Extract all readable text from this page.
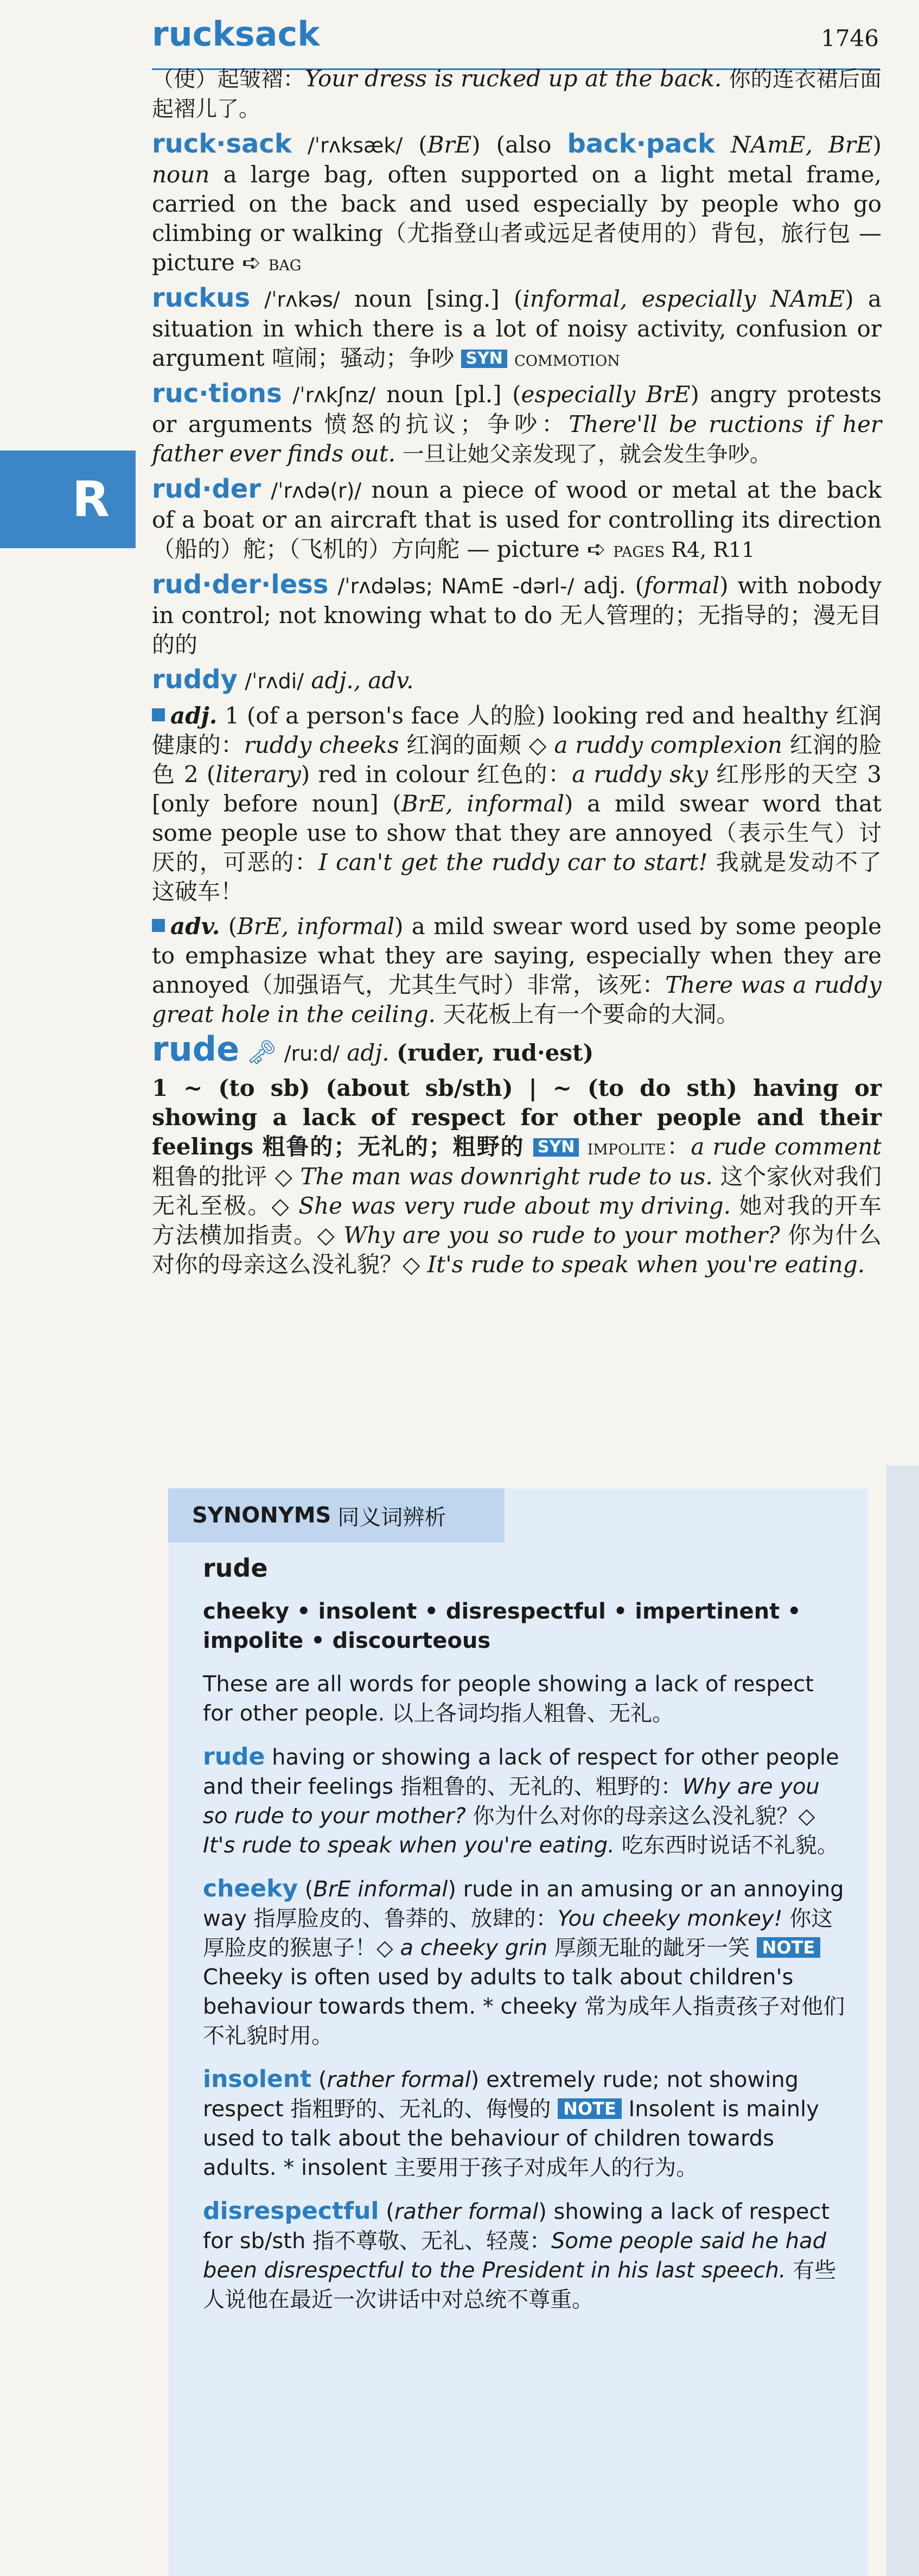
rucksack	1746
R
（使）起皱褶：Your dress is rucked up at the back. 你的连衣裙后面起褶儿了。
ruck·sack /ˈrʌksæk/ (BrE) (also back·pack NAmE, BrE) noun a large bag, often supported on a light metal frame, carried on the back and used especially by people who go climbing or walking（尤指登山者或远足者使用的）背包，旅行包 — picture ➪ bag
ruckus /ˈrʌkəs/ noun [sing.] (informal, especially NAmE) a situation in which there is a lot of noisy activity, confusion or argument 喧闹；骚动；争吵 SYN commotion
ruc·tions /ˈrʌkʃnz/ noun [pl.] (especially BrE) angry protests or arguments 愤怒的抗议；争吵：There'll be ructions if her father ever finds out. 一旦让她父亲发现了，就会发生争吵。
rud·der /ˈrʌdə(r)/ noun a piece of wood or metal at the back of a boat or an aircraft that is used for controlling its direction（船的）舵；（飞机的）方向舵 — picture ➪ pages R4, R11
rud·der·less /ˈrʌdələs; NAmE -dərl-/ adj. (formal) with nobody in control; not knowing what to do 无人管理的；无指导的；漫无目的的
ruddy /ˈrʌdi/ adj., adv.
adj. 1 (of a person's face 人的脸) looking red and healthy 红润健康的：ruddy cheeks 红润的面颊 ◇ a ruddy complexion 红润的脸色 2 (literary) red in colour 红色的：a ruddy sky 红彤彤的天空 3 [only before noun] (BrE, informal) a mild swear word that some people use to show that they are annoyed（表示生气）讨厌的，可恶的：I can't get the ruddy car to start! 我就是发动不了这破车！
adv. (BrE, informal) a mild swear word used by some people to emphasize what they are saying, especially when they are annoyed（加强语气，尤其生气时）非常，该死：There was a ruddy great hole in the ceiling. 天花板上有一个要命的大洞。
rude 🗝 /ruːd/ adj. (ruder, rud·est)
1 ~ (to sb) (about sb/sth) | ~ (to do sth) having or showing a lack of respect for other people and their feelings 粗鲁的；无礼的；粗野的 SYN impolite：a rude comment 粗鲁的批评 ◇ The man was downright rude to us. 这个家伙对我们无礼至极。◇ She was very rude about my driving. 她对我的开车方法横加指责。◇ Why are you so rude to your mother? 你为什么对你的母亲这么没礼貌？◇ It's rude to speak when you're eating.
SYNONYMS 同义词辨析
rude
cheeky • insolent • disrespectful • impertinent • impolite • discourteous
These are all words for people showing a lack of respect for other people. 以上各词均指人粗鲁、无礼。
rude having or showing a lack of respect for other people and their feelings 指粗鲁的、无礼的、粗野的：Why are you so rude to your mother? 你为什么对你的母亲这么没礼貌？◇ It's rude to speak when you're eating. 吃东西时说话不礼貌。
cheeky (BrE informal) rude in an amusing or an annoying way 指厚脸皮的、鲁莽的、放肆的：You cheeky monkey! 你这厚脸皮的猴崽子！◇ a cheeky grin 厚颜无耻的龇牙一笑 NOTE Cheeky is often used by adults to talk about children's behaviour towards them. * cheeky 常为成年人指责孩子对他们不礼貌时用。
insolent (rather formal) extremely rude; not showing respect 指粗野的、无礼的、侮慢的 NOTE Insolent is mainly used to talk about the behaviour of children towards adults. * insolent 主要用于孩子对成年人的行为。
disrespectful (rather formal) showing a lack of respect for sb/sth 指不尊敬、无礼、轻蔑：Some people said he had been disrespectful to the President in his last speech. 有些人说他在最近一次讲话中对总统不尊重。
